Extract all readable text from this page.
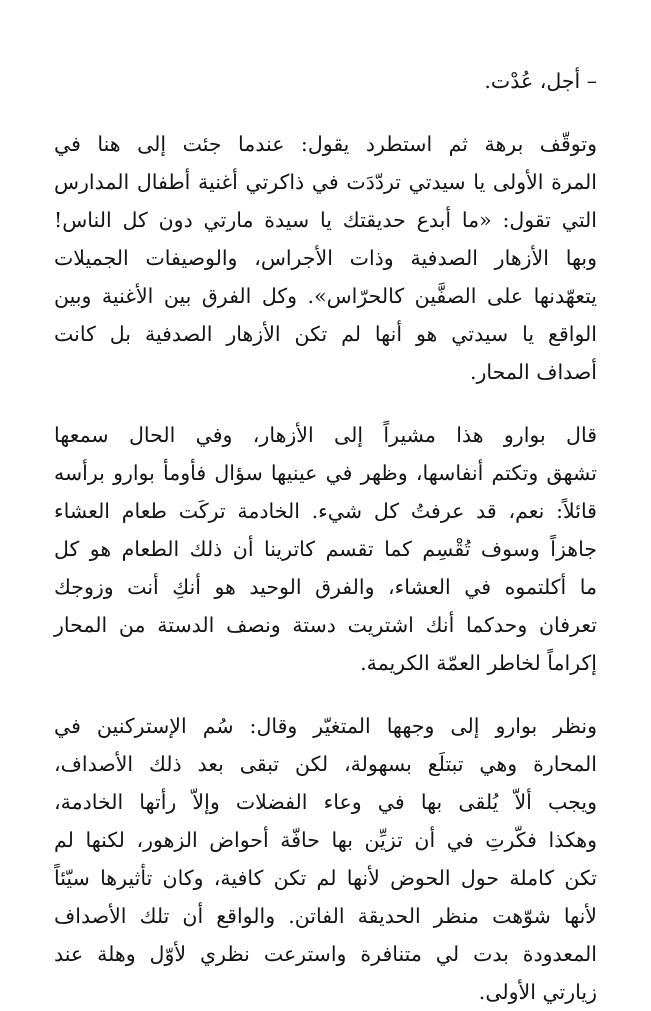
– أجل، عُدْت.

وتوقّف برهة ثم استطرد يقول: عندما جئت إلى هنا في
المرة الأولى يا سيدتي تردّدَت في ذاكرتي أغنية أطفال المدارس
التي تقول: «ما أبدع حديقتك يا سيدة مارتي دون كل الناس!
وبها الأزهار الصدفية وذات الأجراس، والوصيفات الجميلات
يتعهّدنها على الصفَّين كالحرّاس». وكل الفرق بين الأغنية وبين
الواقع يا سيدتي هو أنها لم تكن الأزهار الصدفية بل كانت
أصداف المحار.

قال بوارو هذا مشيراً إلى الأزهار، وفي الحال سمعها
تشهق وتكتم أنفاسها، وظهر في عينيها سؤال فأومأ بوارو برأسه
قائلاً: نعم، قد عرفتُ كل شيء. الخادمة تركَت طعام العشاء
جاهزاً وسوف تُقْسِم كما تقسم كاترينا أن ذلك الطعام هو كل
ما أكلتموه في العشاء، والفرق الوحيد هو أنكِ أنت وزوجك
تعرفان وحدكما أنك اشتريت دستة ونصف الدستة من المحار
إكراماً لخاطر العمّة الكريمة.

ونظر بوارو إلى وجهها المتغيّر وقال: سُم الإستركنين في
المحارة وهي تبتلَع بسهولة، لكن تبقى بعد ذلك الأصداف،
ويجب ألاّ يُلقى بها في وعاء الفضلات وإلاّ رأتها الخادمة،
وهكذا فكّرتِ في أن تزيِّن بها حافّة أحواض الزهور، لكنها لم
تكن كاملة حول الحوض لأنها لم تكن كافية، وكان تأثيرها سيّئاً
لأنها شوّهت منظر الحديقة الفاتن. والواقع أن تلك الأصداف
المعدودة بدت لي متنافرة واسترعت نظري لأوّل وهلة عند
زيارتي الأولى.
